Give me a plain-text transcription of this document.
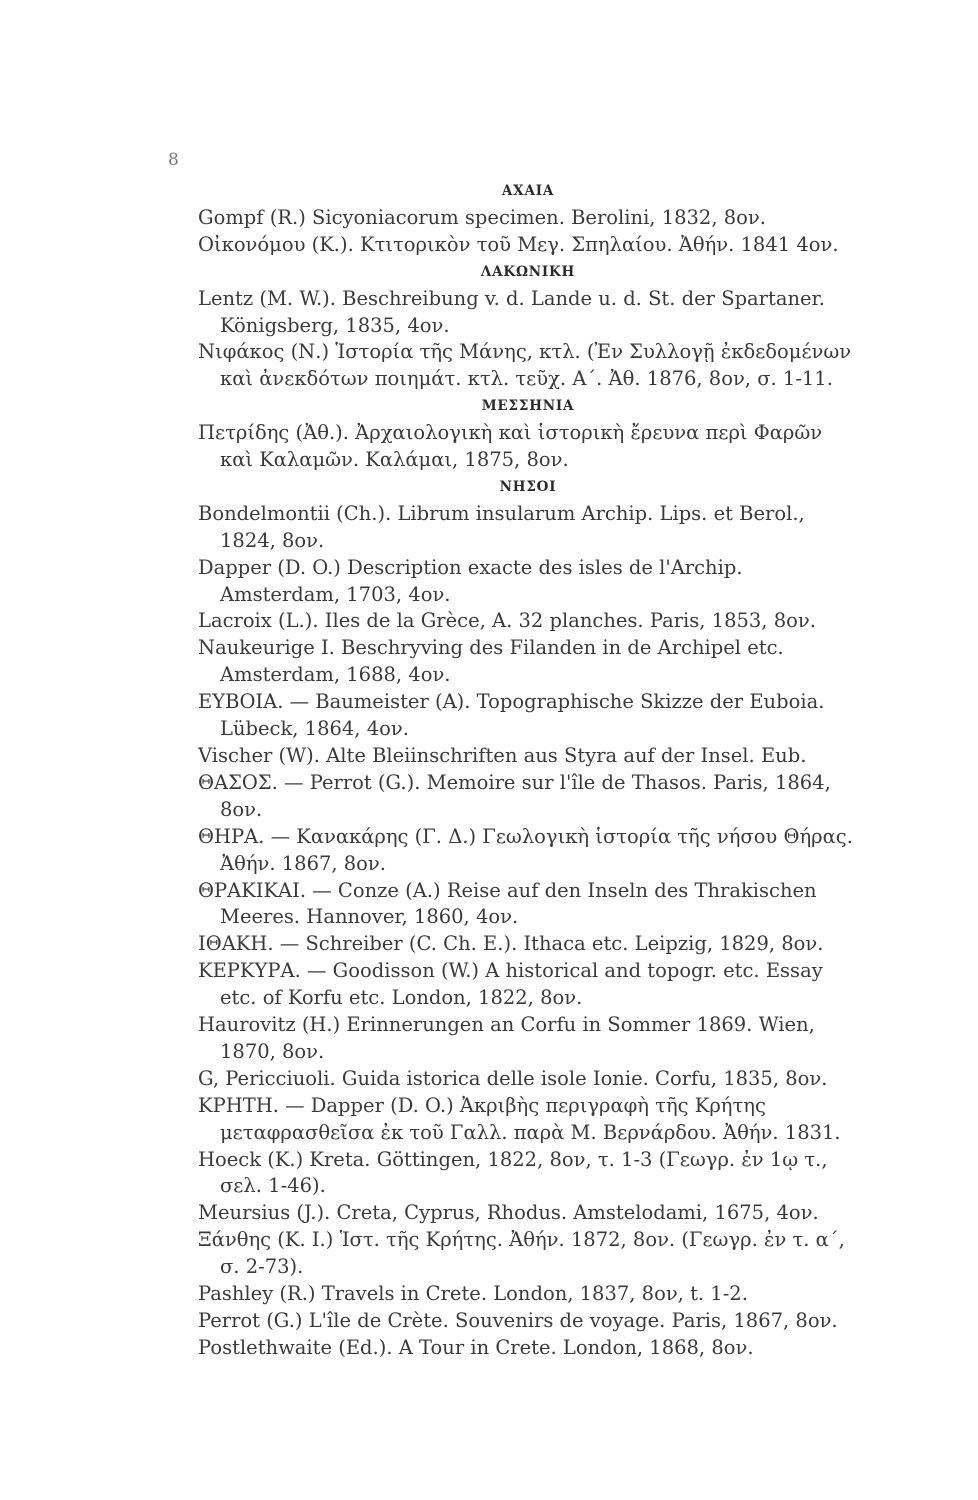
8
ΑΧΑΙΑ
Gompf (R.) Sicyoniacorum specimen. Berolini, 1832, 8ον.
Οἰκονόμου (Κ.). Κτιτορικὸν τοῦ Μεγ. Σπηλαίου. Ἀθήν. 1841 4ον.
ΛΑΚΩΝΙΚΗ
Lentz (M. W.). Beschreibung v. d. Lande u. d. St. der Spartaner. Königsberg, 1835, 4ον.
Νιφάκος (Ν.) Ἱστορία τῆς Μάνης, κτλ. (Ἐν Συλλογῇ ἐκδεδομένων καὶ ἀνεκδότων ποιημάτ. κτλ. τεῦχ. Α΄. Ἀθ. 1876, 8ον, σ. 1-11.
ΜΕΣΣΗΝΙΑ
Πετρίδης (Ἀθ.). Ἀρχαιολογικὴ καὶ ἱστορικὴ ἔρευνα περὶ Φαρῶν καὶ Καλαμῶν. Καλάμαι, 1875, 8ον.
ΝΗΣΟΙ
Bondelmontii (Ch.). Librum insularum Archip. Lips. et Berol., 1824, 8ον.
Dapper (D. O.) Description exacte des isles de l'Archip. Amsterdam, 1703, 4ον.
Lacroix (L.). Iles de la Grèce, A. 32 planches. Paris, 1853, 8ον.
Naukeurige I. Beschryving des Filanden in de Archipel etc. Amsterdam, 1688, 4ον.
ΕΥΒΟΙΑ. — Baumeister (A). Topographische Skizze der Euboia. Lübeck, 1864, 4ον.
Vischer (W). Alte Bleiinschriften aus Styra auf der Insel. Eub.
ΘΑΣΟΣ. — Perrot (G.). Memoire sur l'île de Thasos. Paris, 1864, 8ον.
ΘΗΡΑ. — Κανακάρης (Γ. Δ.) Γεωλογικὴ ἱστορία τῆς νήσου Θήρας. Ἀθήν. 1867, 8ον.
ΘΡΑΚΙΚΑΙ. — Conze (A.) Reise auf den Inseln des Thrakischen Meeres. Hannover, 1860, 4ον.
ΙΘΑΚΗ. — Schreiber (C. Ch. E.). Ithaca etc. Leipzig, 1829, 8ον.
ΚΕΡΚΥΡΑ. — Goodisson (W.) A historical and topogr. etc. Essay etc. of Korfu etc. London, 1822, 8ον.
Haurovitz (H.) Erinnerungen an Corfu in Sommer 1869. Wien, 1870, 8ον.
G, Pericciuoli. Guida istorica delle isole Ionie. Corfu, 1835, 8ον.
ΚΡΗΤΗ. — Dapper (D. O.) Ἀκριβὴς περιγραφὴ τῆς Κρήτης μεταφρασθεῖσα ἐκ τοῦ Γαλλ. παρὰ Μ. Βερνάρδου. Ἀθήν. 1831.
Hoeck (K.) Kreta. Göttingen, 1822, 8ον, τ. 1-3 (Γεωγρ. ἐν 1ῳ τ., σελ. 1-46).
Meursius (J.). Creta, Cyprus, Rhodus. Amstelodami, 1675, 4ον.
Ξάνθης (Κ. Ι.) Ἱστ. τῆς Κρήτης. Ἀθήν. 1872, 8ον. (Γεωγρ. ἐν τ. α΄, σ. 2-73).
Pashley (R.) Travels in Crete. London, 1837, 8ον, t. 1-2.
Perrot (G.) L'île de Crète. Souvenirs de voyage. Paris, 1867, 8ον.
Postlethwaite (Ed.). A Tour in Crete. London, 1868, 8ον.
